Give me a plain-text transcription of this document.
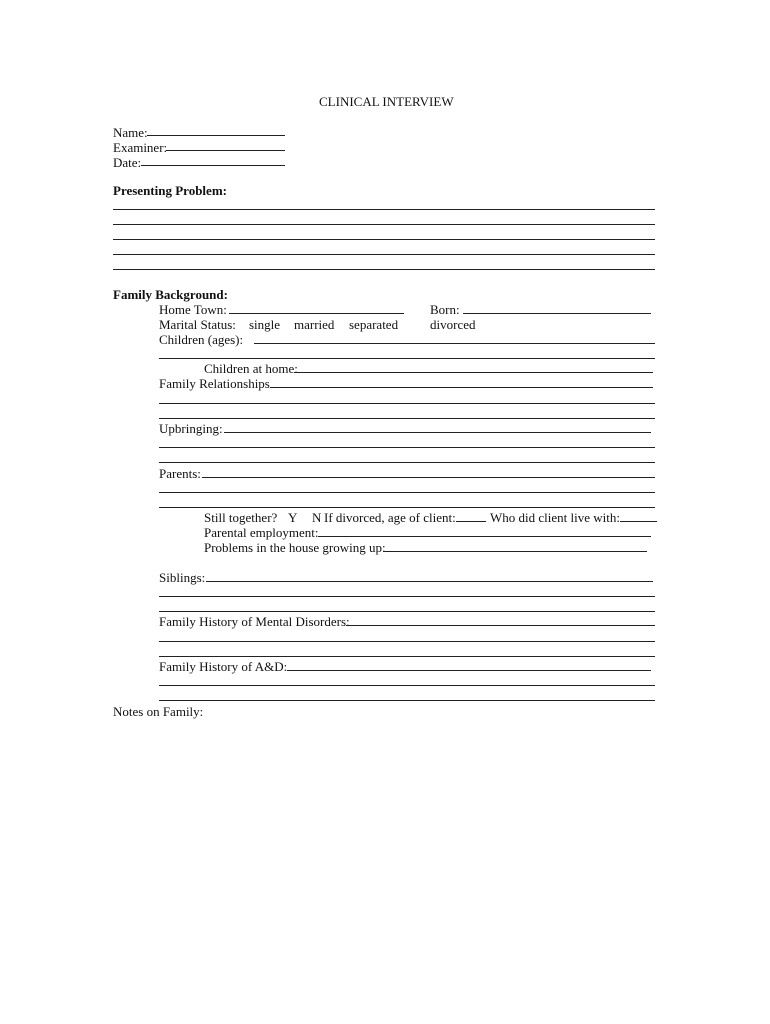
CLINICAL INTERVIEW
Name:
Examiner:
Date:
Presenting Problem:
Family Background:
Home Town:	Born:
Marital Status: single married separated divorced
Children (ages):
Children at home:
Family Relationships
Upbringing:
Parents:
Still together? Y N If divorced, age of client:	Who did client live with:
Parental employment:
Problems in the house growing up:
Siblings:
Family History of Mental Disorders:
Family History of A&D:
Notes on Family:
